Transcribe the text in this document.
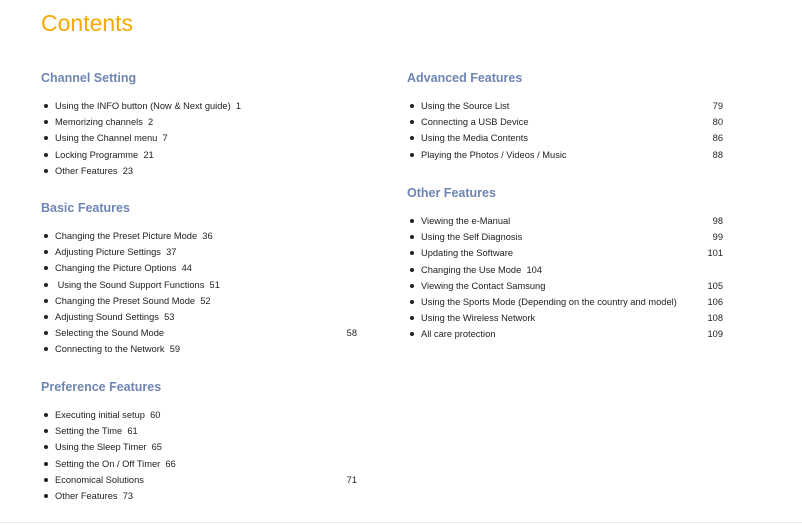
Contents
Channel Setting
Using the INFO button (Now & Next guide) 1
Memorizing channels 2
Using the Channel menu 7
Locking Programme 21
Other Features 23
Basic Features
Changing the Preset Picture Mode 36
Adjusting Picture Settings 37
Changing the Picture Options 44
Using the Sound Support Functions 51
Changing the Preset Sound Mode 52
Adjusting Sound Settings 53
Selecting the Sound Mode	58
Connecting to the Network 59
Preference Features
Executing initial setup 60
Setting the Time 61
Using the Sleep Timer 65
Setting the On / Off Timer 66
Economical Solutions	71
Other Features 73
Advanced Features
Using the Source List	79
Connecting a USB Device	80
Using the Media Contents	86
Playing the Photos / Videos / Music	88
Other Features
Viewing the e-Manual	98
Using the Self Diagnosis	99
Updating the Software	101
Changing the Use Mode 104
Viewing the Contact Samsung	105
Using the Sports Mode (Depending on the country and model)	106
Using the Wireless Network	108
All care protection	109
